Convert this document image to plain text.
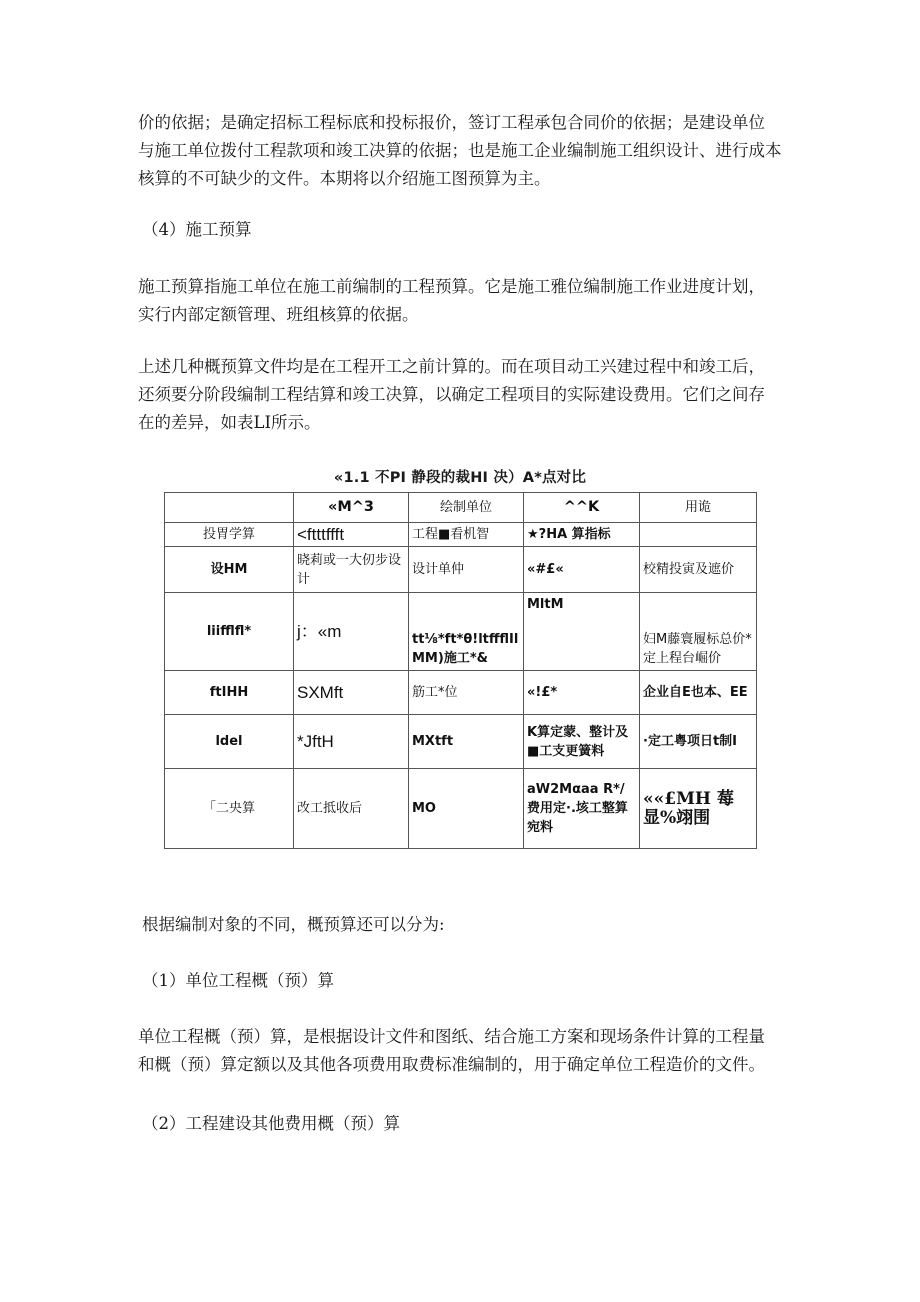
价的依据；是确定招标工程标底和投标报价，签订工程承包合同价的依据；是建设单位
与施工单位拨付工程款项和竣工决算的依据；也是施工企业编制施工组织设计、进行成本
核算的不可缺少的文件。本期将以介绍施工图预算为主。

（4）施工预算

施工预算指施工单位在施工前编制的工程预算。它是施工雅位编制施工作业进度计划，
实行内部定额管理、班组核算的依据。

上述几种概预算文件均是在工程开工之前计算的。而在项目动工兴建过程中和竣工后，
还须要分阶段编制工程结算和竣工决算，以确定工程项目的实际建设费用。它们之间存
在的差异，如表LI所示。

«1.1 不PI 静段的裁HI 决）A*点对比

	«M^3	绘制单位	^^K	用诡
投胃学算	<ftttffft	工程■看机智	★?HA 算指标	
设HM	晓莉或一大仞步设计	设计单仲	«#£«	校精投寅及遮价
liifflfl*	j：«m	tt⅛*ft*θ!ltffflIlMM)施工*&	MltM	妇M藤寰履标总价*定上程台崛价
ftIHH	SXMft	筋工*位	«!£*	企业自E也本、EE
ldel	*JftH	MXtft	K算定蒙、整计及■工支更簧料	·定工粤项日t制I
「二央算	改工抵收后	MO	aW2Mαaa R*/费用定·.垓工整算宛料	««£MH 莓显%翊围

根据编制对象的不同，概预算还可以分为:

（1）单位工程概（预）算

单位工程概（预）算，是根据设计文件和图纸、结合施工方案和现场条件计算的工程量
和概（预）算定额以及其他各项费用取费标准编制的，用于确定单位工程造价的文件。

（2）工程建设其他费用概（预）算
